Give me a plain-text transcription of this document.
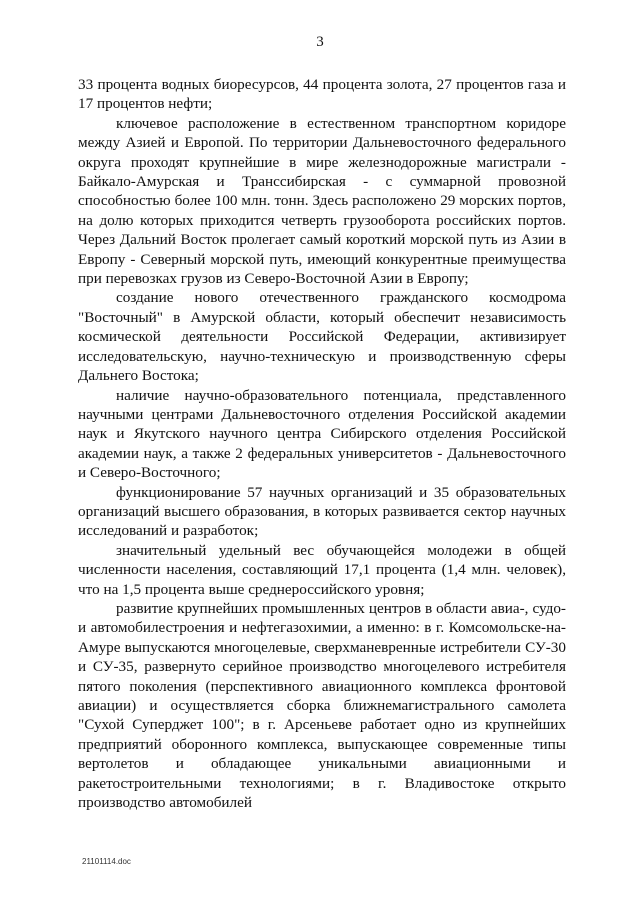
3

33 процента водных биоресурсов, 44 процента золота, 27 процентов газа и 17 процентов нефти;

ключевое расположение в естественном транспортном коридоре между Азией и Европой. По территории Дальневосточного федерального округа проходят крупнейшие в мире железнодорожные магистрали - Байкало-Амурская и Транссибирская - с суммарной провозной способностью более 100 млн. тонн. Здесь расположено 29 морских портов, на долю которых приходится четверть грузооборота российских портов. Через Дальний Восток пролегает самый короткий морской путь из Азии в Европу - Северный морской путь, имеющий конкурентные преимущества при перевозках грузов из Северо-Восточной Азии в Европу;

создание нового отечественного гражданского космодрома "Восточный" в Амурской области, который обеспечит независимость космической деятельности Российской Федерации, активизирует исследовательскую, научно-техническую и производственную сферы Дальнего Востока;

наличие научно-образовательного потенциала, представленного научными центрами Дальневосточного отделения Российской академии наук и Якутского научного центра Сибирского отделения Российской академии наук, а также 2 федеральных университетов - Дальневосточного и Северо-Восточного;

функционирование 57 научных организаций и 35 образовательных организаций высшего образования, в которых развивается сектор научных исследований и разработок;

значительный удельный вес обучающейся молодежи в общей численности населения, составляющий 17,1 процента (1,4 млн. человек), что на 1,5 процента выше среднероссийского уровня;

развитие крупнейших промышленных центров в области авиа-, судо- и автомобилестроения и нефтегазохимии, а именно: в г. Комсомольске-на-Амуре выпускаются многоцелевые, сверхманевренные истребители СУ-30 и СУ-35, развернуто серийное производство многоцелевого истребителя пятого поколения (перспективного авиационного комплекса фронтовой авиации) и осуществляется сборка ближнемагистрального самолета "Сухой Суперджет 100"; в г. Арсеньеве работает одно из крупнейших предприятий оборонного комплекса, выпускающее современные типы вертолетов и обладающее уникальными авиационными и ракетостроительными технологиями; в г. Владивостоке открыто производство автомобилей

21101114.doc
